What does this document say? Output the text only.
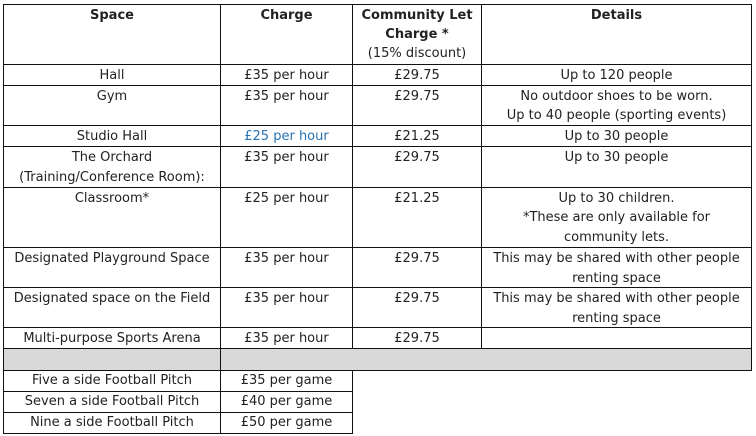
Space	Charge	Community Let
Charge *
(15% discount)
Details
Hall	£35 per hour	£29.75	Up to 120 people
Gym	£35 per hour	£29.75	No outdoor shoes to be worn.
Up to 40 people (sporting events)
Studio Hall	£25 per hour	£21.25	Up to 30 people
The Orchard
(Training/Conference Room):
£35 per hour	£29.75	Up to 30 people
Classroom*	£25 per hour	£21.25	Up to 30 children.
*These are only available for
community lets.
Designated Playground Space	£35 per hour	£29.75	This may be shared with other people
renting space
Designated space on the Field	£35 per hour	£29.75	This may be shared with other people
renting space
Multi-purpose Sports Arena	£35 per hour	£29.75
Five a side Football Pitch	£35 per game
Seven a side Football Pitch	£40 per game
Nine a side Football Pitch	£50 per game
